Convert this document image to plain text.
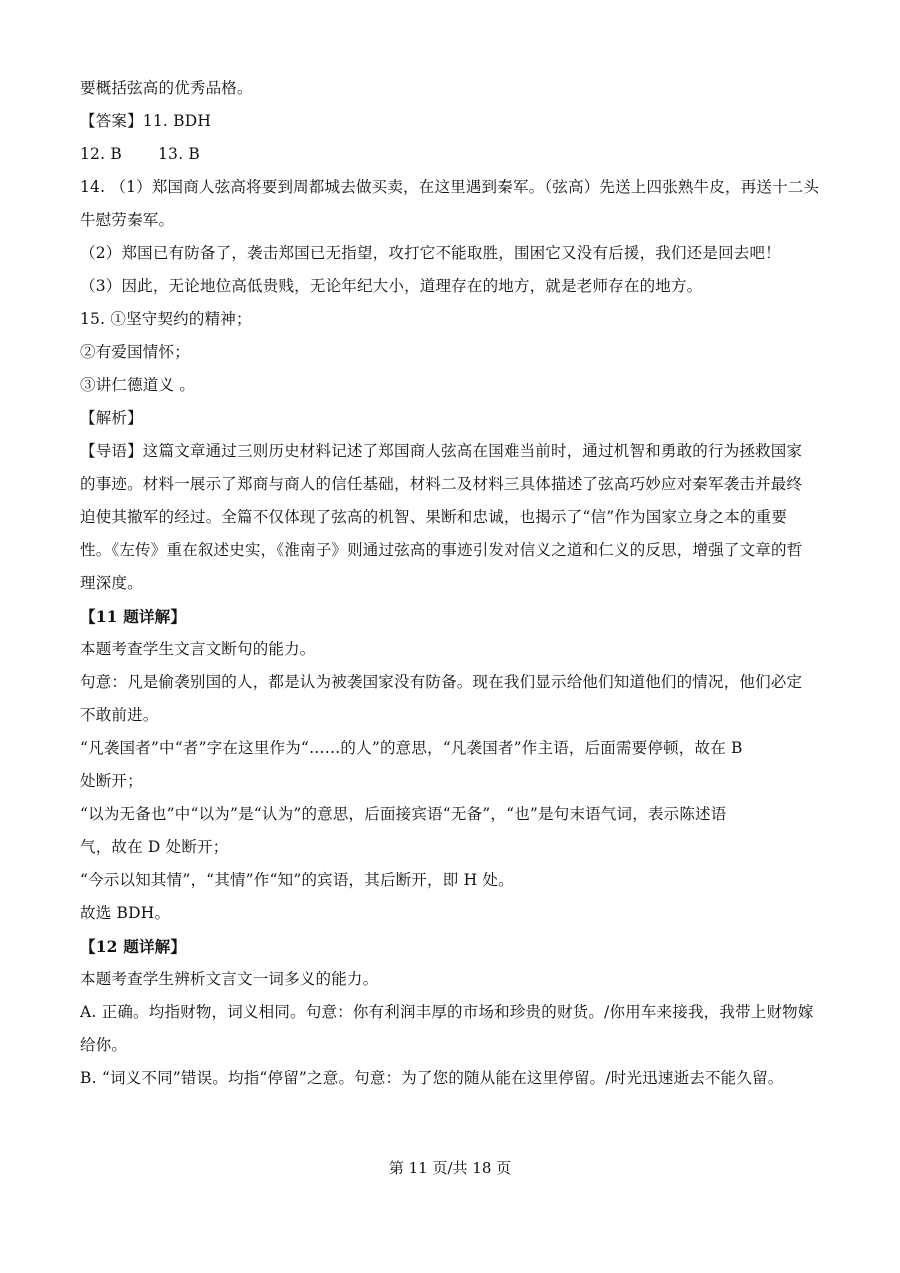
要概括弦高的优秀品格。
【答案】11. BDH
12. B 13. B
14. （1）郑国商人弦高将要到周都城去做买卖，在这里遇到秦军。（弦高）先送上四张熟牛皮，再送十二头
牛慰劳秦军。
（2）郑国已有防备了，袭击郑国已无指望，攻打它不能取胜，围困它又没有后援，我们还是回去吧！
（3）因此，无论地位高低贵贱，无论年纪大小，道理存在的地方，就是老师存在的地方。
15. ①坚守契约的精神；
②有爱国情怀；
③讲仁德道义 。
【解析】
【导语】这篇文章通过三则历史材料记述了郑国商人弦高在国难当前时，通过机智和勇敢的行为拯救国家
的事迹。材料一展示了郑商与商人的信任基础，材料二及材料三具体描述了弦高巧妙应对秦军袭击并最终
迫使其撤军的经过。全篇不仅体现了弦高的机智、果断和忠诚，也揭示了“信”作为国家立身之本的重要
性。《左传》重在叙述史实，《淮南子》则通过弦高的事迹引发对信义之道和仁义的反思，增强了文章的哲
理深度。
【11 题详解】
本题考查学生文言文断句的能力。
句意：凡是偷袭别国的人，都是认为被袭国家没有防备。现在我们显示给他们知道他们的情况，他们必定
不敢前进。
“凡袭国者”中“者”字在这里作为“……的人”的意思，“凡袭国者”作主语，后面需要停顿，故在 B
处断开；
“以为无备也”中“以为”是“认为”的意思，后面接宾语“无备”，“也”是句末语气词，表示陈述语
气，故在 D 处断开；
“今示以知其情”，“其情”作“知”的宾语，其后断开，即 H 处。
故选 BDH。
【12 题详解】
本题考查学生辨析文言文一词多义的能力。
A. 正确。均指财物，词义相同。句意：你有利润丰厚的市场和珍贵的财货。/你用车来接我，我带上财物嫁
给你。
B. “词义不同”错误。均指“停留”之意。句意：为了您的随从能在这里停留。/时光迅速逝去不能久留。
第 11 页/共 18 页
